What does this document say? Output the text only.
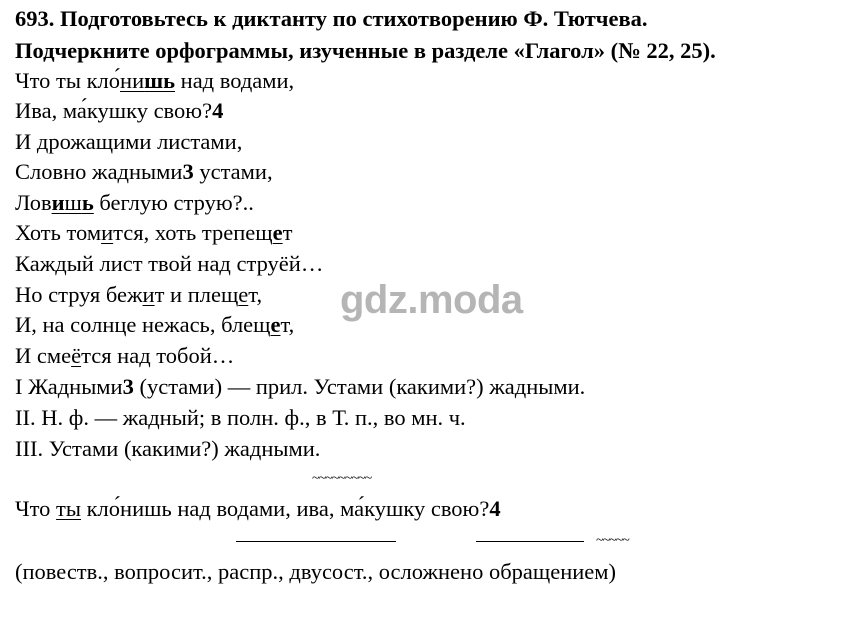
693. Подготовьтесь к диктанту по стихотворению Ф. Тютчева.
Подчеркните орфограммы, изученные в разделе «Глагол» (№ 22, 25).
Что ты клонишь над водами,
Ива, макушку свою?4
И дрожащими листами,
Словно жадными3 устами,
Ловишь беглую струю?..
Хоть томится, хоть трепещет
Каждый лист твой над струёй…
Но струя бежит и плещет,
И, на солнце нежась, блещет,
И смеётся над тобой…
I Жадными3 (устами) — прил. Устами (какими?) жадными.
II. Н. ф. — жадный; в полн. ф., в Т. п., во мн. ч.
III. Устами (какими?) жадными.
~~~~~~~~~
Что ты клонишь над водами, ива, макушку свою?4
~~~~~
(повеств., вопросит., распр., двусост., осложнено обращением)
gdz.moda
